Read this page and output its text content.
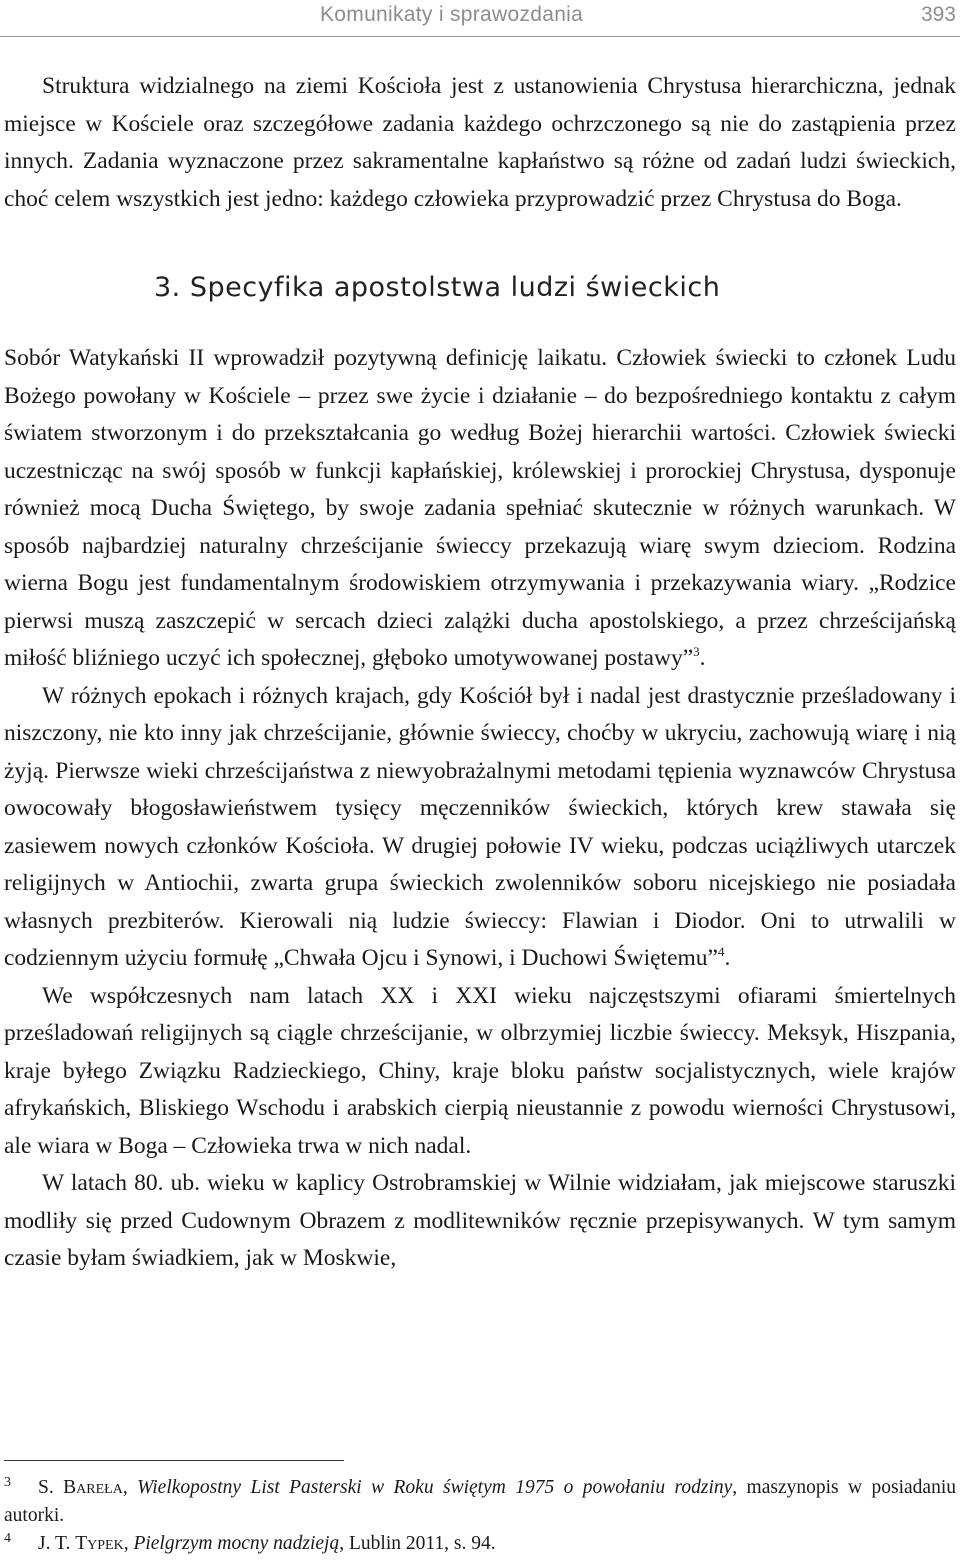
Komunikaty i sprawozdania	393

Struktura widzialnego na ziemi Kościoła jest z ustanowienia Chrystusa hierarchiczna, jednak miejsce w Kościele oraz szczegółowe zadania każdego ochrzczonego są nie do zastąpienia przez innych. Zadania wyznaczone przez sakramentalne kapłaństwo są różne od zadań ludzi świeckich, choć celem wszystkich jest jedno: każdego człowieka przyprowadzić przez Chrystusa do Boga.

3. Specyfika apostolstwa ludzi świeckich

Sobór Watykański II wprowadził pozytywną definicję laikatu. Człowiek świecki to członek Ludu Bożego powołany w Kościele – przez swe życie i działanie – do bezpośredniego kontaktu z całym światem stworzonym i do przekształcania go według Bożej hierarchii wartości. Człowiek świecki uczestnicząc na swój sposób w funkcji kapłańskiej, królewskiej i prorockiej Chrystusa, dysponuje również mocą Ducha Świętego, by swoje zadania spełniać skutecznie w różnych warunkach. W sposób najbardziej naturalny chrześcijanie świeccy przekazują wiarę swym dzieciom. Rodzina wierna Bogu jest fundamentalnym środowiskiem otrzymywania i przekazywania wiary. „Rodzice pierwsi muszą zaszczepić w sercach dzieci zalążki ducha apostolskiego, a przez chrześcijańską miłość bliźniego uczyć ich społecznej, głęboko umotywowanej postawy”$^3$.

W różnych epokach i różnych krajach, gdy Kościół był i nadal jest drastycznie prześladowany i niszczony, nie kto inny jak chrześcijanie, głównie świeccy, choćby w ukryciu, zachowują wiarę i nią żyją. Pierwsze wieki chrześcijaństwa z niewyobrażalnymi metodami tępienia wyznawców Chrystusa owocowały błogosławieństwem tysięcy męczenników świeckich, których krew stawała się zasiewem nowych członków Kościoła. W drugiej połowie IV wieku, podczas uciążliwych utarczek religijnych w Antiochii, zwarta grupa świeckich zwolenników soboru nicejskiego nie posiadała własnych prezbiterów. Kierowali nią ludzie świeccy: Flawian i Diodor. Oni to utrwalili w codziennym użyciu formułę „Chwała Ojcu i Synowi, i Duchowi Świętemu”$^4$.

We współczesnych nam latach XX i XXI wieku najczęstszymi ofiarami śmiertelnych prześladowań religijnych są ciągle chrześcijanie, w olbrzymiej liczbie świeccy. Meksyk, Hiszpania, kraje byłego Związku Radzieckiego, Chiny, kraje bloku państw socjalistycznych, wiele krajów afrykańskich, Bliskiego Wschodu i arabskich cierpią nieustannie z powodu wierności Chrystusowi, ale wiara w Boga – Człowieka trwa w nich nadal.

W latach 80. ub. wieku w kaplicy Ostrobramskiej w Wilnie widziałam, jak miejscowe staruszki modliły się przed Cudownym Obrazem z modlitewników ręcznie przepisywanych. W tym samym czasie byłam świadkiem, jak w Moskwie,

3 S. Bareła, Wielkopostny List Pasterski w Roku świętym 1975 o powołaniu rodziny, maszynopis w posiadaniu autorki.

4 J. T. Typek, Pielgrzym mocny nadzieją, Lublin 2011, s. 94.
